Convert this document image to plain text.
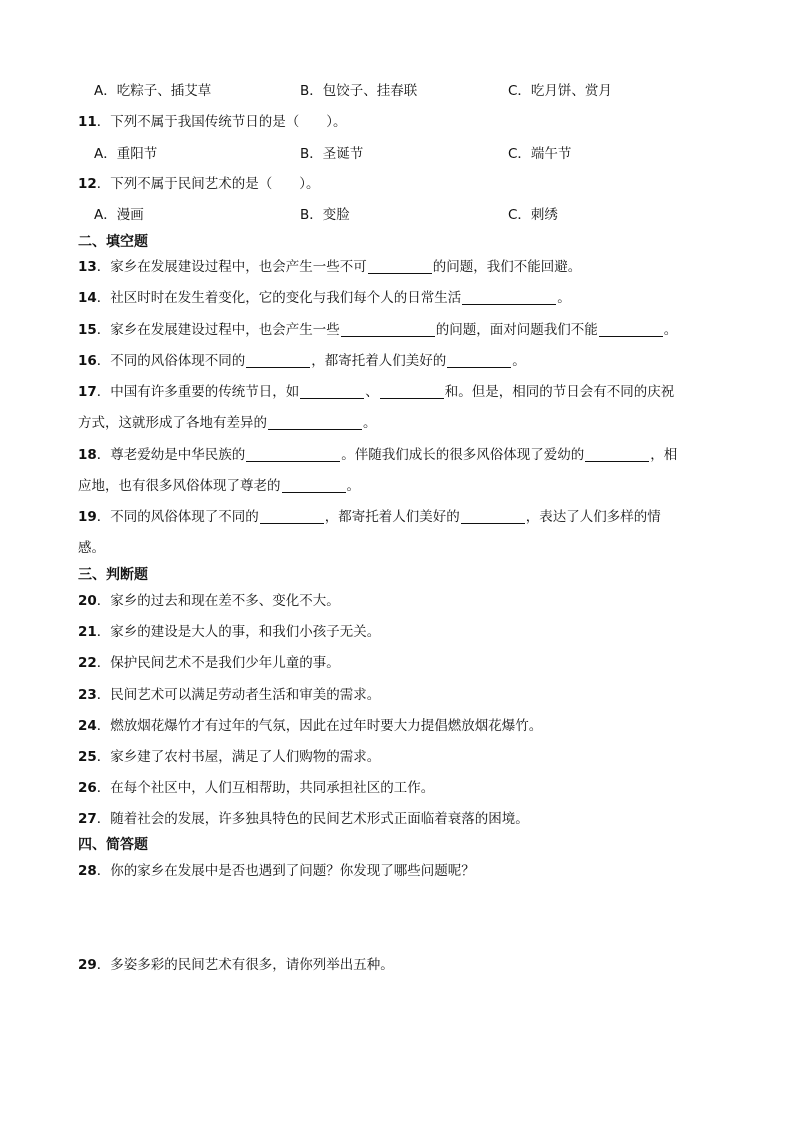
A．吃粽子、插艾草	B．包饺子、挂春联	C．吃月饼、赏月
11．下列不属于我国传统节日的是（　　）。
A．重阳节	B．圣诞节	C．端午节
12．下列不属于民间艺术的是（　　）。
A．漫画	B．变脸	C．刺绣
二、填空题
13．家乡在发展建设过程中，也会产生一些不可	的问题，我们不能回避。
14．社区时时在发生着变化，它的变化与我们每个人的日常生活	。
15．家乡在发展建设过程中，也会产生一些	的问题，面对问题我们不能	。
16．不同的风俗体现不同的	，都寄托着人们美好的	。
17．中国有许多重要的传统节日，如	、	和。但是，相同的节日会有不同的庆祝
方式，这就形成了各地有差异的	。
18．尊老爱幼是中华民族的	。伴随我们成长的很多风俗体现了爱幼的	，相
应地，也有很多风俗体现了尊老的	。
19．不同的风俗体现了不同的	，都寄托着人们美好的	，表达了人们多样的情
感。
三、判断题
20．家乡的过去和现在差不多、变化不大。
21．家乡的建设是大人的事，和我们小孩子无关。
22．保护民间艺术不是我们少年儿童的事。
23．民间艺术可以满足劳动者生活和审美的需求。
24．燃放烟花爆竹才有过年的气氛，因此在过年时要大力提倡燃放烟花爆竹。
25．家乡建了农村书屋，满足了人们购物的需求。
26．在每个社区中，人们互相帮助，共同承担社区的工作。
27．随着社会的发展，许多独具特色的民间艺术形式正面临着衰落的困境。
四、简答题
28．你的家乡在发展中是否也遇到了问题？你发现了哪些问题呢？
29．多姿多彩的民间艺术有很多，请你列举出五种。
